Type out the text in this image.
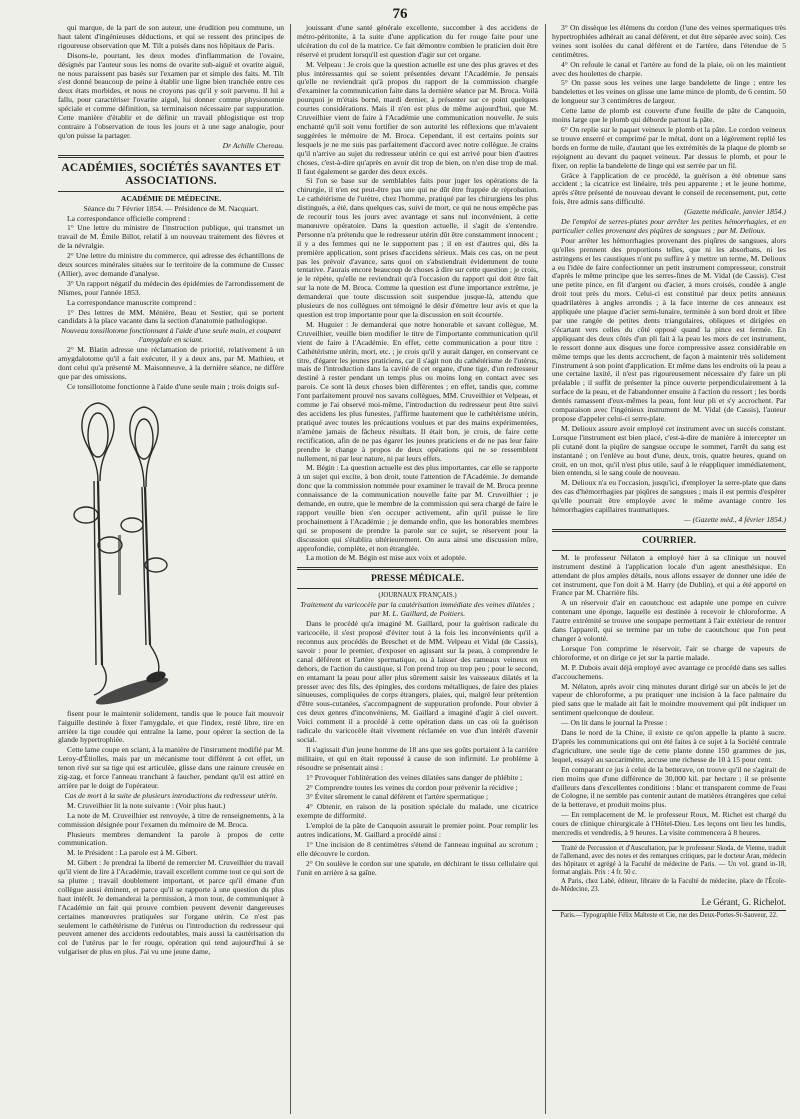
76

qui marque, de la part de son auteur, une érudition peu commune, un haut talent d'ingénieuses déductions, et qui se ressent des principes de rigoureuse observation que M. Tilt a puisés dans nos hôpitaux de Paris.

Disons-le, pourtant, les deux modes d'inflammation de l'ovaire, désignés par l'auteur sous les noms de ovarite sub-aiguë et ovarite aiguë, ne nous paraissent pas basés sur l'examen par et simple des faits. M. Tilt s'est donné beaucoup de peine à établir une ligne bien tranchée entre ces deux états morbides, et nous ne croyons pas qu'il y soit parvenu. Il lui a fallu, pour caractériser l'ovarite aiguë, lui donner comme physionomie spéciale et comme définition, sa terminaison nécessaire par suppuration. Cette manière d'établir et de définir un travail phlogistique est trop contraire à l'observation de tous les jours et à une sage analogie, pour qu'on puisse la partager.

Dr Achille Chereau.

ACADÉMIES, SOCIÉTÉS SAVANTES ET ASSOCIATIONS.

ACADÉMIE DE MÉDECINE.

Séance du 7 Février 1854. — Présidence de M. Nacquart.

La correspondance officielle comprend :

1° Une lettre du ministre de l'instruction publique, qui transmet un travail de M. Émile Billot, relatif à un nouveau traitement des fièvres et de la névralgie.

2° Une lettre du ministre du commerce, qui adresse des échantillons de deux sources minérales situées sur le territoire de la commune de Cussec (Allier), avec demande d'analyse.

3° Un rapport négatif du médecin des épidémies de l'arrondissement de Nîsmes, pour l'année 1853.

La correspondance manuscrite comprend :

1° Des lettres de MM. Ménière, Beau et Sestier, qui se portent candidats à la place vacante dans la section d'anatomie pathologique.

Nouveau tonsillotome fonctionnant à l'aide d'une seule main, et coupant l'amygdale en sciant.

2° M. Blatin adresse une réclamation de priorité, relativement à un amygdalotome qu'il a fait exécuter, il y a deux ans, par M. Mathieu, et dont celui qu'a présenté M. Maisonneuve, à la dernière séance, ne diffère que par des omissions.

Ce tonsillotome fonctionne à l'aide d'une seule main ; trois doigts suf-

fisent pour le maintenir solidement, tandis que le pouce fait mouvoir l'aiguille destinée à fixer l'amygdale, et que l'index, resté libre, tire en arrière la tige coudée qui entraîne la lame, pour opérer la section de la glande hypertrophiée.

Cette lame coupe en sciant, à la manière de l'instrument modifié par M. Leroy-d'Étiolles, mais par un mécanisme tout différent à cet effet, un tenon rivé sur sa tige qui est articulée, glisse dans une rainure creusée en zig-zag, et force l'anneau tranchant à faucher, pendant qu'il est attiré en arrière par le doigt de l'opérateur.

Cas de mort à la suite de plusieurs introductions du redresseur utérin.

M. Cruveilhier lit la note suivante : (Voir plus haut.)

La note de M. Cruveilhier est renvoyée, à titre de renseignements, à la commission désignée pour l'examen du mémoire de M. Broca.

Plusieurs membres demandent la parole à propos de cette communication.

M. le Président : La parole est à M. Gibert.

M. Gibert : Je prendrai la liberté de remercier M. Cruveilhier du travail qu'il vient de lire à l'Académie, travail excellent comme tout ce qui sort de sa plume ; travail doublement important, et parce qu'il émane d'un collègue aussi éminent, et parce qu'il se rapporte à une question du plus haut intérêt. Je demanderai la permission, à mon tour, de communiquer à l'Académie un fait qui prouve combien peuvent devenir dangereuses certaines manœuvres pratiquées sur l'organe utérin. Ce n'est pas seulement le cathétérisme de l'utérus ou l'introduction du redresseur qui peuvent amener des accidents redoutables, mais aussi la cautérisation du col de l'utérus par le fer rouge, opération qui tend aujourd'hui à se vulgariser de plus en plus. J'ai vu une jeune dame,

jouissant d'une santé générale excellente, succomber à des accidens de métro-péritonite, à la suite d'une application du fer rouge faite pour une ulcération du col de la matrice. Ce fait démontre combien le praticien doit être réservé et prudent lorsqu'il est question d'agir sur cet organe.

M. Velpeau : Je crois que la question actuelle est une des plus graves et des plus intéressantes qui se soient présentées devant l'Académie. Je pensais qu'elle ne reviendrait qu'à propos du rapport de la commission chargée d'examiner la communication faite dans la dernière séance par M. Broca. Voilà pourquoi je m'étais borné, mardi dernier, à présenter sur ce point quelques courtes considérations. Mais il n'en est plus de même aujourd'hui, que M. Cruveilhier vient de faire à l'Académie une communication nouvelle. Je suis enchanté qu'il soit venu fortifier de son autorité les réflexions que m'avaient suggérées le mémoire de M. Broca. Cependant, il est certains points sur lesquels je ne me suis pas parfaitement d'accord avec notre collègue. Je crains qu'il n'arrive au sujet du redresseur utérin ce qui est arrivé pour bien d'autres choses, c'est-à-dire qu'après en avoir dit trop de bien, on n'en dise trop de mal. Il faut également se garder des deux excès.

Si l'on se base sur de semblables faits pour juger les opérations de la chirurgie, il n'en est peut-être pas une qui ne dût être frappée de réprobation. Le cathétérisme de l'urètre, chez l'homme, pratiqué par les chirurgiens les plus distingués, a été, dans quelques cas, suivi de mort, ce qui ne nous empêche pas de recourir tous les jours avec avantage et sans nul inconvénient, à cette manœuvre opératoire. Dans la question actuelle, il s'agit de s'entendre. Personne n'a prétendu que le redresseur utérin dût être constamment innocent ; il y a des femmes qui ne le supportent pas ; il en est d'autres qui, dès la première application, sont prises d'accidens sérieux. Mais ces cas, on ne peut pas les prévoir d'avance, sans quoi on s'abstiendrait évidemment de toute tentative. J'aurais encore beaucoup de choses à dire sur cette question ; je crois, je le répète, qu'elle ne reviendrait qu'à l'occasion du rapport qui doit être fait sur la note de M. Broca. Comme la question est d'une importance extrême, je demanderai que toute discussion soit suspendue jusque-là, attendu que plusieurs de nos collègues ont témoigné le désir d'émettre leur avis et que la question est trop importante pour que la discussion en soit écourtée.

M. Huguier : Je demanderai que notre honorable et savant collègue, M. Cruveilhier, veuille bien modifier le titre de l'importante communication qu'il vient de faire à l'Académie. En effet, cette communication a pour titre : Cathétérisme utérin, mort, etc. ; je crois qu'il y aurait danger, en conservant ce titre, d'égarer les jeunes praticiens, car il s'agit non du cathétérisme de l'utérus, mais de l'introduction dans la cavité de cet organe, d'une tige, d'un redresseur destiné à rester pendant un temps plus ou moins long en contact avec ses parois. Ce sont là deux choses bien différentes ; en effet, tandis que, comme l'ont parfaitement prouvé nos savans collègues, MM. Cruveilhier et Velpeau, et comme je l'ai observé moi-même, l'introduction du redresseur peut être suivi des accidens les plus funestes, j'affirme hautement que le cathétérisme utérin, pratiqué avec toutes les précautions voulues et par des mains expérimentées, n'amène jamais de fâcheux résultats. Il était bon, je crois, de faire cette rectification, afin de ne pas égarer les jeunes praticiens et de ne pas leur faire prendre le change à propos de deux opérations qui ne se ressemblent nullement, ni par leur nature, ni par leurs effets.

M. Bégin : La question actuelle est des plus importantes, car elle se rapporte à un sujet qui excite, à bon droit, toute l'attention de l'Académie. Je demande donc que la commission nommée pour examiner le travail de M. Broca prenne connaissance de la communication nouvelle faite par M. Cruveilhier ; je demande, en outre, que le membre de la commission qui sera chargé de faire le rapport veuille bien s'en occuper activement, afin qu'il puisse le lire prochainement à l'Académie ; je demande enfin, que les honorables membres qui se proposent de prendre la parole sur ce sujet, se réservent pour la discussion qui s'établira ultérieurement. On aura ainsi une discussion mûre, approfondie, complète, et non étranglée.

La motion de M. Bégin est mise aux voix et adoptée.

PRESSE MÉDICALE.

(JOURNAUX FRANÇAIS.)

Traitement du varicocèle par la cautérisation immédiate des veines dilatées ; par M. L. Gaillard, de Poitiers.

Dans le procédé qu'a imaginé M. Gaillard, pour la guérison radicale du varicocèle, il s'est proposé d'éviter tout à la fois les inconvénients qu'il a reconnus aux procédés de Breschet et de MM. Velpeau et Vidal (de Cassis), savoir : pour le premier, d'exposer en agissant sur la peau, à comprendre le canal déférent et l'artère spermatique, ou à laisser des rameaux veineux en dehors, de l'action du caustique, si l'on prend trop ou trop peu ; pour le second, en entamant la peau pour aller plus sûrement saisir les vaisseaux dilatés et la presser avec des fils, des épingles, des cordons métalliques, de faire des plaies sinueuses, compliquées de corps étrangers, plaies, qui, malgré leur prétention d'être sous-cutanées, s'accompagnent de suppuration profonde. Pour obvier à ces deux genres d'inconvéniens, M. Gaillard a imaginé d'agir à ciel ouvert. Voici comment il a procédé à cette opération dans un cas où la guérison radicale du varicocèle était vivement réclamée en vue d'un intérêt d'avenir social.

Il s'agissait d'un jeune homme de 18 ans que ses goûts portaient à la carrière militaire, et qui en était repoussé à cause de son infirmité. Le problème à résoudre se présentait ainsi :

1° Provoquer l'oblitération des veines dilatées sans danger de phlébite ;

2° Comprendre toutes les veines du cordon pour prévenir la récidive ;

3° Éviter sûrement le canal déférent et l'artère spermatique ;

4° Obtenir, en raison de la position spéciale du malade, une cicatrice exempte de difformité.

L'emploi de la pâte de Canquoin assurait le premier point. Pour remplir les autres indications, M. Gaillard a procédé ainsi :

1° Une incision de 8 centimètres s'étend de l'anneau inguinal au scrotum ; elle découvre le cordon.

2° On soulève le cordon sur une spatule, en déchirant le tissu cellulaire qui l'unit en arrière à sa gaîne.

3° On dissèque les élémens du cordon (l'une des veines spermatiques très hypertrophiées adhérait au canal déférent, et dut être séparée avec soin). Ces veines sont isolées du canal déférent et de l'artère, dans l'étendue de 5 centimètres.

4° On refoule le canal et l'artère au fond de la plaie, où on les maintient avec des houlettes de charpie.

5° On passe sous les veines une large bandelette de linge ; entre les bandelettes et les veines on glisse une lame mince de plomb, de 6 centim. 50 de longueur sur 3 centimètres de largeur.

Cette lame de plomb est couverte d'une feuille de pâte de Canquoin, moins large que le plomb qui déborde partout la pâte.

6° On replie sur le paquet veineux le plomb et la pâte. Le cordon veineux se trouve enserré et comprimé par le métal, dont on a légèrement replié les bords en forme de tuile, d'autant que les extrémités de la plaque de plomb se rejoignent au devant du paquet veineux. Par dessus le plomb, et pour le fixer, on replie la bandelette de linge qui est serrée par un fil.

Grâce à l'application de ce procédé, la guérison a été obtenue sans accident ; la cicatrice est linéaire, très peu apparente ; et le jeune homme, après s'être présenté de nouveau devant le conseil de recensement, put, cette fois, être admis sans difficulté.

(Gazette médicale, janvier 1854.)

De l'emploi de serres-plates pour arrêter les petites hémorrhagies, et en particulier celles provenant des piqûres de sangsues ; par M. Delioux.

Pour arrêter les hémorrhagies provenant des piqûres de sangsues, alors qu'elles prennent des proportions telles, que ni les absorbans, ni les astringens et les caustiques n'ont pu suffire à y mettre un terme, M. Delioux a eu l'idée de faire confectionner un petit instrument compresseur, construit d'après le même principe que les serres-fines de M. Vidal (de Cassis). C'est une petite pince, en fil d'argent ou d'acier, à mors croisés, coudée à angle droit tout près du mors. Celui-ci est constitué par deux petits anneaux quadrilatères à angles arrondis ; à la face interne de ces anneaux est appliquée une plaque d'acier semi-lunaire, terminée à son bord droit et libre par une rangée de petites dents triangulaires, obliques et dirigées en s'écartant vers celles du côté opposé quand la pince est fermée. En appliquant des deux côtés d'un pli fait à la peau les mors de cet instrument, le ressort donne aux disques une force compressive assez considérable en même temps que les dents accrochent, de façon à maintenir très solidement l'instrument à son point d'application. Et même dans les endroits où la peau a une certaine laxité, il n'est pas rigoureusement nécessaire d'y faire un pli préalable ; il suffit de présenter la pince ouverte perpendiculairement à la surface de la peau, et de l'abandonner ensuite à l'action du ressort ; les bords dentés ramassent d'eux-mêmes la peau, font leur pli et s'y accrochent. Par comparaison avec l'ingénieux instrument de M. Vidal (de Cassis), l'auteur propose d'appeler celui-ci serre-plate.

M. Delioux assure avoir employé cet instrument avec un succès constant. Lorsque l'instrument est bien placé, c'est-à-dire de manière à intercepter un pli cutané dont la piqûre de sangsue occupe le sommet, l'arrêt du sang est instantané ; on l'enlève au bout d'une, deux, trois, quatre heures, quand on croit, en un mot, qu'il n'est plus utile, sauf à le réappliquer immédiatement, bien entendu, si le sang coule de nouveau.

M. Delioux n'a eu l'occasion, jusqu'ici, d'employer la serre-plate que dans des cas d'hémorrhagies par piqûres de sangsues ; mais il est permis d'espérer qu'elle pourrait être employée avec le même avantage contre les hémorrhagies capillaires traumatiques.

— (Gazette méd., 4 février 1854.)

COURRIER.

M. le professeur Nélaton a employé hier à sa clinique un nouvel instrument destiné à l'application locale d'un agent anesthésique. En attendant de plus amples détails, nous allons essayer de donner une idée de cet instrument, que l'on doit à M. Harry (de Dublin), et qui a été apporté en France par M. Charrière fils.

A un réservoir d'air en caoutchouc est adaptée une pompe en cuivre contenant une éponge, laquelle est destinée à recevoir le chloroforme. A l'autre extrémité se trouve une soupape permettant à l'air extérieur de rentrer dans l'appareil, qui se termine par un tube de caoutchouc que l'on peut changer à volonté.

Lorsque l'on comprime le réservoir, l'air se charge de vapeurs de chloroforme, et on dirige ce jet sur la partie malade.

M. P. Dubois avait déjà employé avec avantage ce procédé dans ses salles d'accouchemens.

M. Nélaton, après avoir cinq minutes durant dirigé sur un abcès le jet de vapeur de chloroforme, a pu pratiquer une incision à la face palmaire du pied sans que le malade ait fait le moindre mouvement qui pût indiquer un sentiment quelconque de douleur.

— On lit dans le journal la Presse :

Dans le nord de la Chine, il existe ce qu'on appelle la plante à sucre. D'après les communications qui ont été faites à ce sujet à la Société centrale d'agriculture, une seule tige de cette plante donne 150 grammes de jus, lequel, essayé au saccarimètre, accuse une richesse de 10 à 15 pour cent.

En comparant ce jus à celui de la betterave, on trouve qu'il ne s'agirait de rien moins que d'une différence de 30,000 kil. par hectare ; il se présente d'ailleurs dans d'excellentes conditions : blanc et transparent comme de l'eau de Cologne, il ne semble pas contenir autant de matières étrangères que celui de la betterave, et produit moins plus.

— En remplacement de M. le professeur Roux, M. Richet est chargé du cours de clinique chirurgicale à l'Hôtel-Dieu. Les leçons ont lieu les lundis, mercredis et vendredis, à 9 heures. La visite commencera à 8 heures.

Traité de Percussion et d'Auscultation, par le professeur Skoda, de Vienne, traduit de l'allemand, avec des notes et des remarques critiques, par le docteur Aran, médecin des hôpitaux et agrégé à la Faculté de médecine de Paris. — Un vol. grand in-18, format anglais. Prix : 4 fr. 50 c.

A Paris, chez Labé, éditeur, libraire de la Faculté de médecine, place de l'École-de-Médecine, 23.

Le Gérant, G. Richelot.

Paris.—Typographie Félix Malteste et Cie, rue des Deux-Portes-St-Sauveur, 22.
